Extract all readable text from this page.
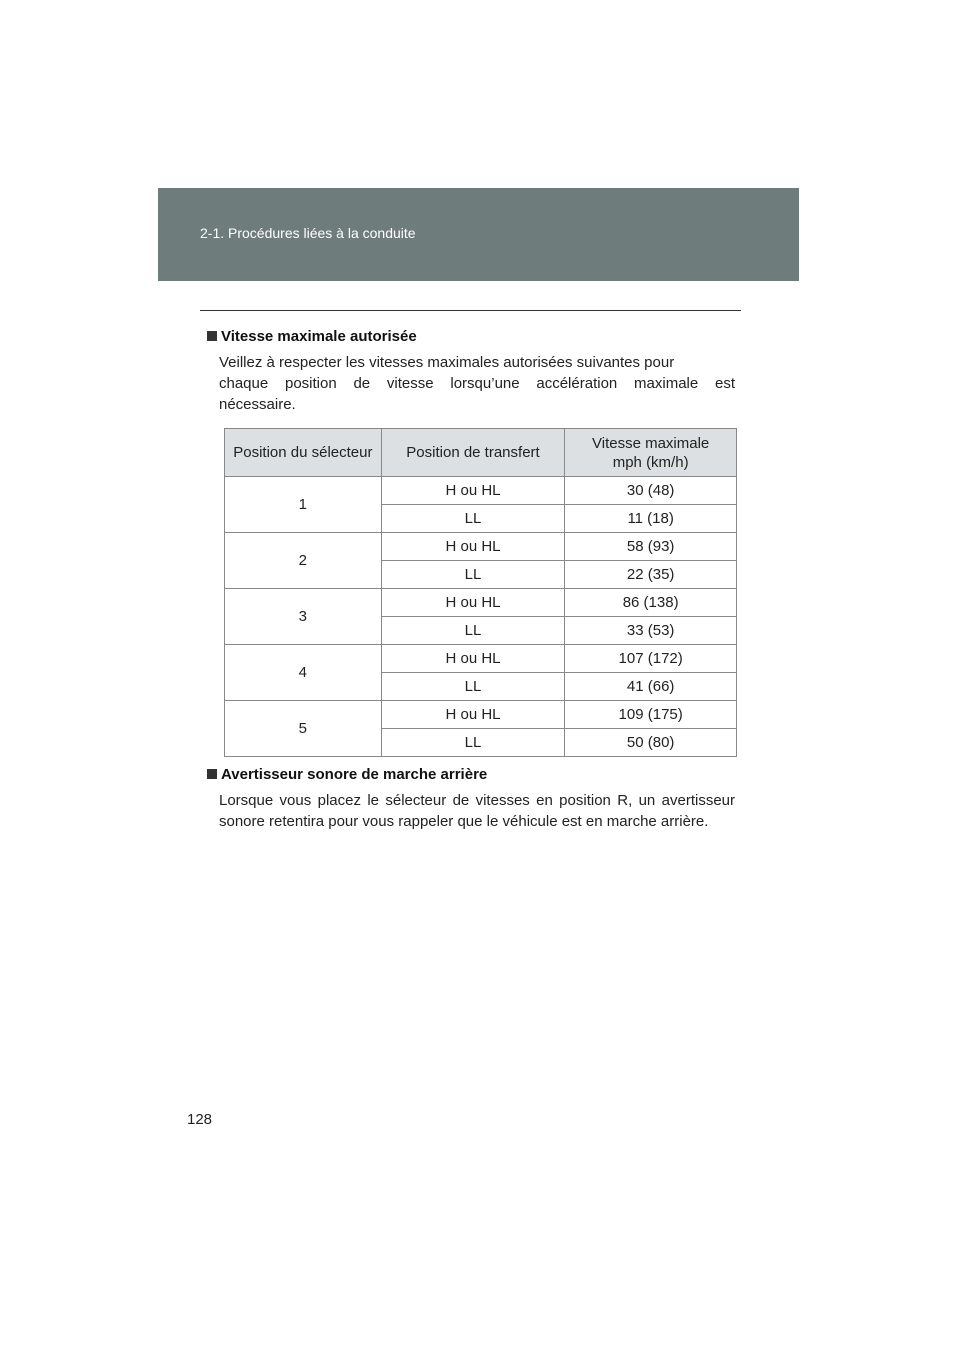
2-1. Procédures liées à la conduite
Vitesse maximale autorisée
Veillez à respecter les vitesses maximales autorisées suivantes pour
chaque position de vitesse lorsqu’une accélération maximale est
nécessaire.
Position du sélecteur	Position de transfert	Vitesse maximale
mph (km/h)

1	H ou HL	30 (48)
	LL	11 (18)
2	H ou HL	58 (93)
	LL	22 (35)
3	H ou HL	86 (138)
	LL	33 (53)
4	H ou HL	107 (172)
	LL	41 (66)
5	H ou HL	109 (175)
	LL	50 (80)
Avertisseur sonore de marche arrière
Lorsque vous placez le sélecteur de vitesses en position R, un avertisseur
sonore retentira pour vous rappeler que le véhicule est en marche arrière.
128
